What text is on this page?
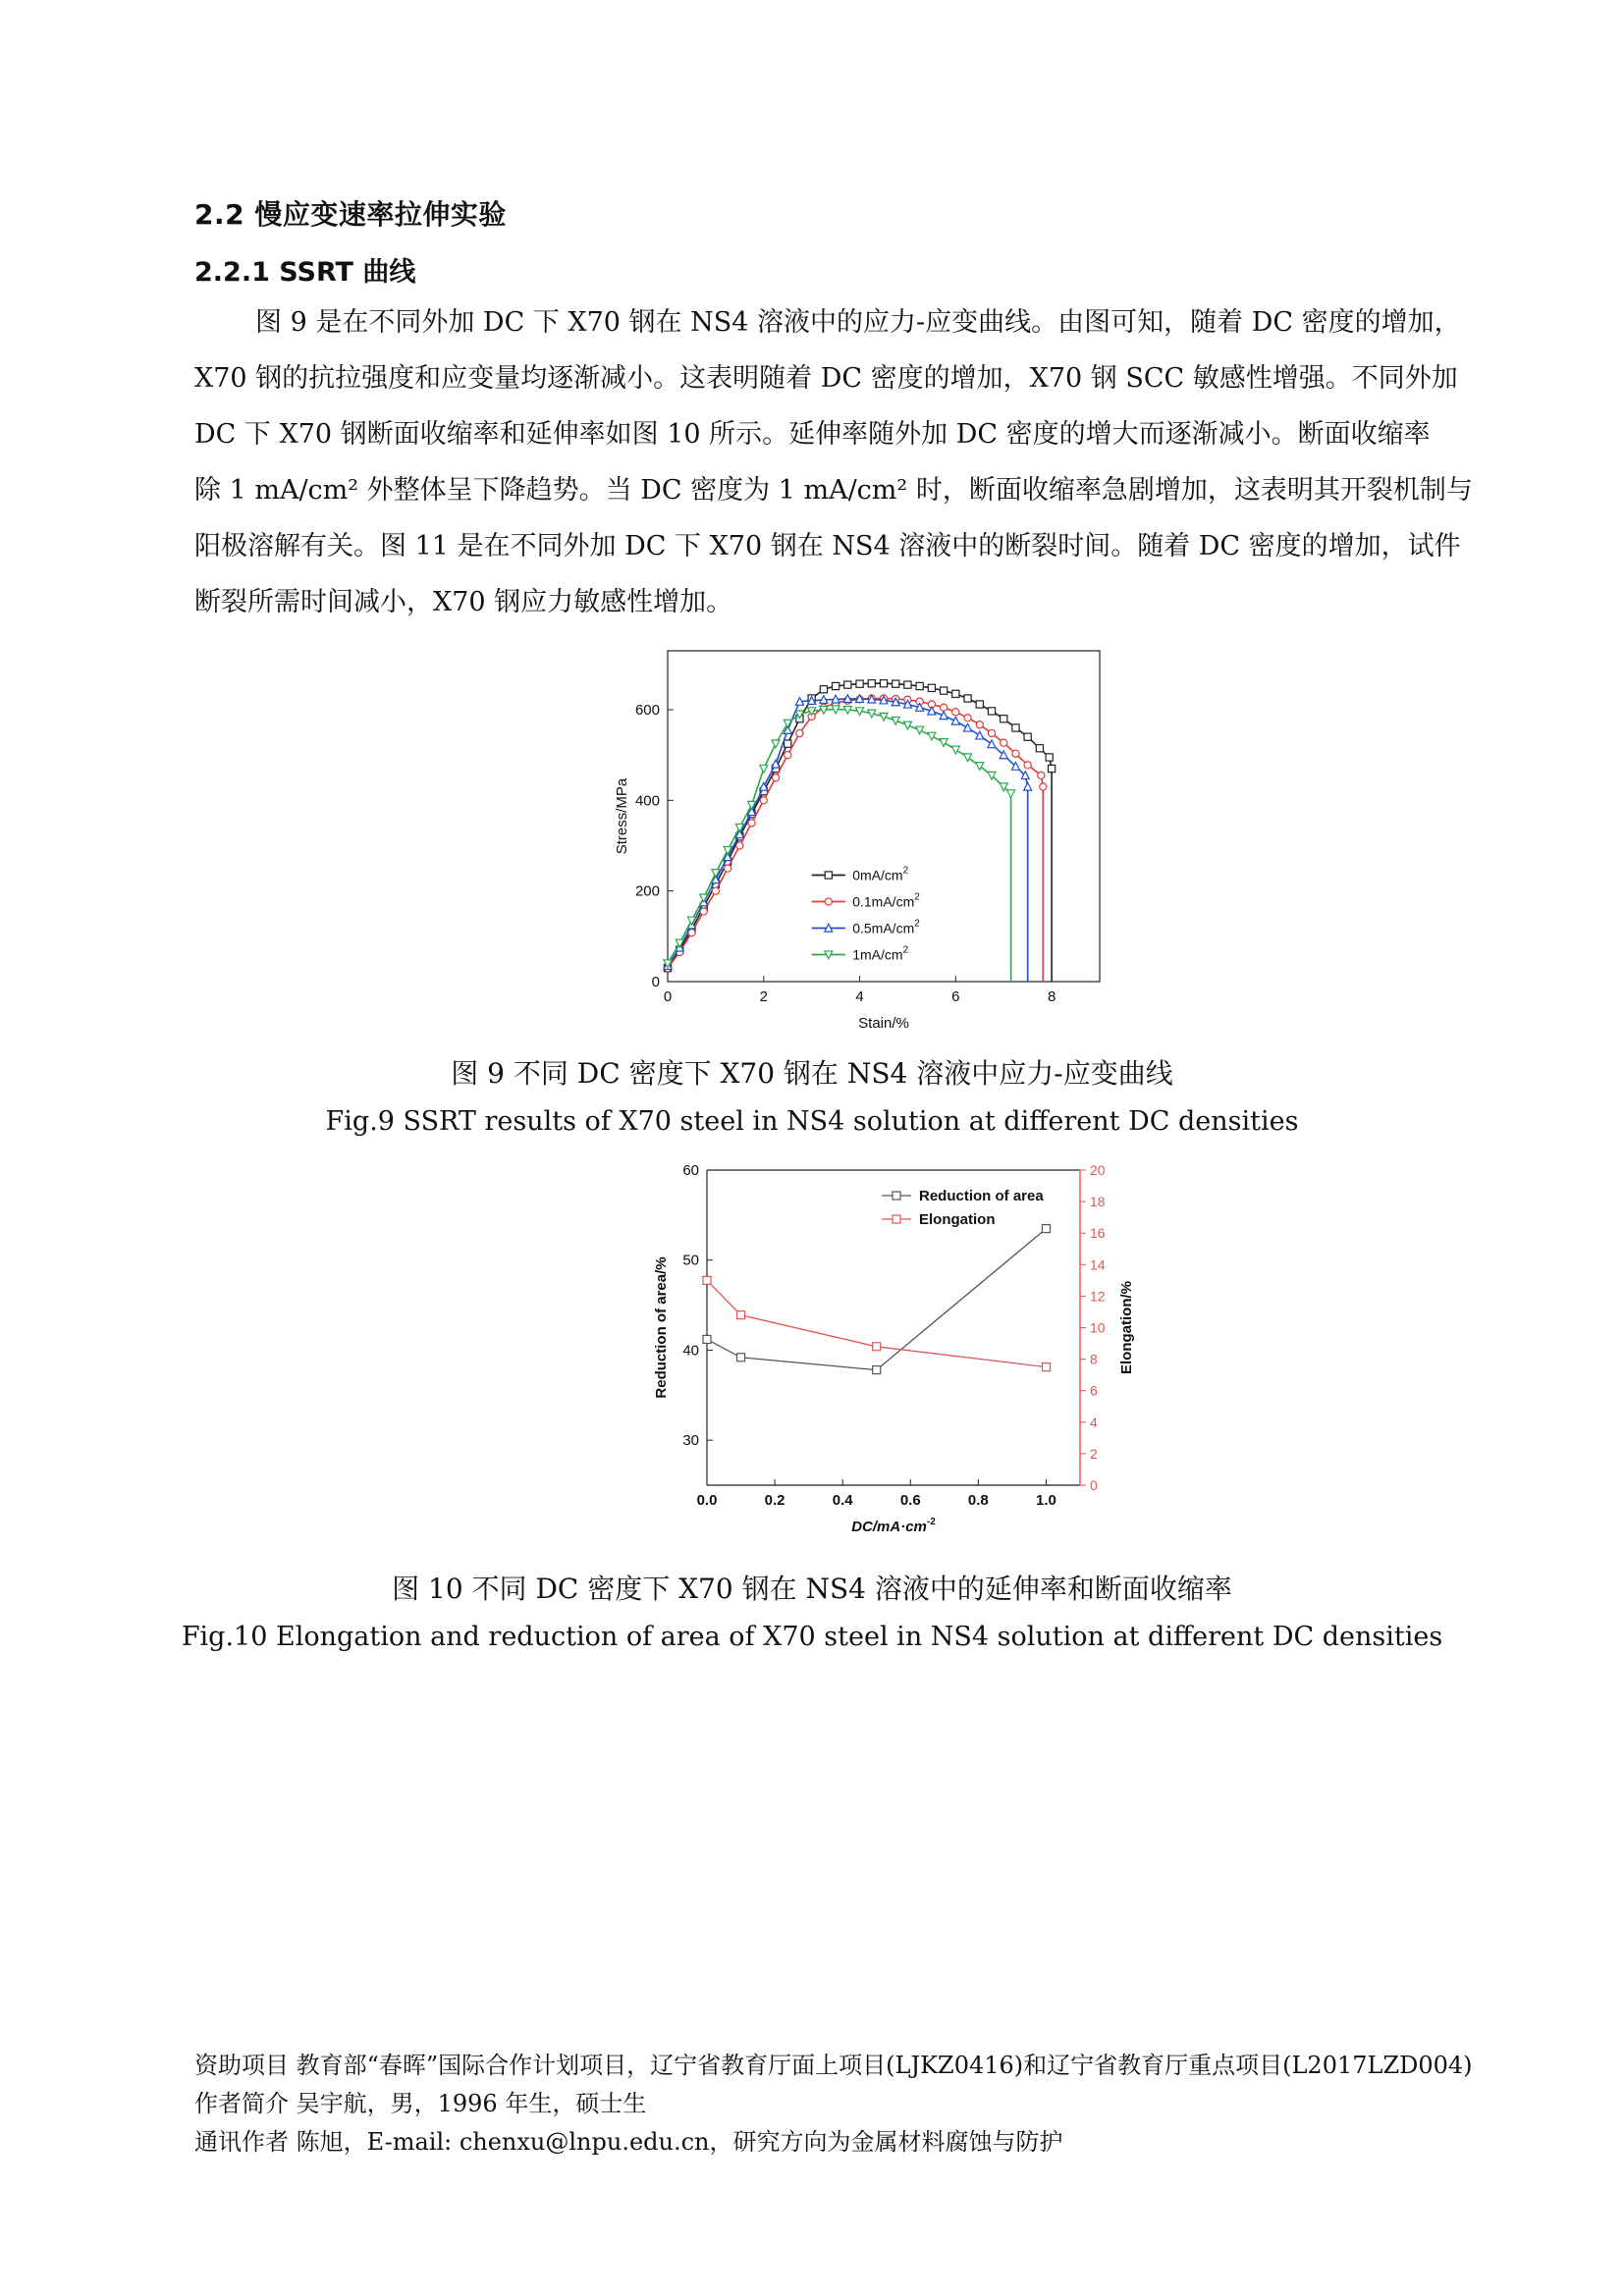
2.2 慢应变速率拉伸实验
2.2.1 SSRT 曲线
图 9 是在不同外加 DC 下 X70 钢在 NS4 溶液中的应力-应变曲线。由图可知，随着 DC 密度的增加，
X70 钢的抗拉强度和应变量均逐渐减小。这表明随着 DC 密度的增加，X70 钢 SCC 敏感性增强。不同外加
DC 下 X70 钢断面收缩率和延伸率如图 10 所示。延伸率随外加 DC 密度的增大而逐渐减小。断面收缩率
除 1 mA/cm² 外整体呈下降趋势。当 DC 密度为 1 mA/cm² 时，断面收缩率急剧增加，这表明其开裂机制与
阳极溶解有关。图 11 是在不同外加 DC 下 X70 钢在 NS4 溶液中的断裂时间。随着 DC 密度的增加，试件
断裂所需时间减小，X70 钢应力敏感性增加。
0	2	4	6	8
0
200
400
600
Stain/%
Stress/MPa
$0mA/cm^2$
$0.1mA/cm^2$
$0.5mA/cm^2$
$1mA/cm^2$
图 9 不同 DC 密度下 X70 钢在 NS4 溶液中应力-应变曲线
Fig.9 SSRT results of X70 steel in NS4 solution at different DC densities
0.0	0.2	0.4	0.6	0.8	1.0
30
40
50
60
0
2
4
6
8
10
12
14
16
18
20
$DC/mA\cdot cm^{-2}$
Reduction of area/%	Elongation/%
Reduction of area
Elongation
图 10 不同 DC 密度下 X70 钢在 NS4 溶液中的延伸率和断面收缩率
Fig.10 Elongation and reduction of area of X70 steel in NS4 solution at different DC densities
资助项目 教育部“春晖”国际合作计划项目，辽宁省教育厅面上项目(LJKZ0416)和辽宁省教育厅重点项目(L2017LZD004)
作者简介 吴宇航，男，1996 年生，硕士生
通讯作者 陈旭，E-mail: chenxu@lnpu.edu.cn，研究方向为金属材料腐蚀与防护
